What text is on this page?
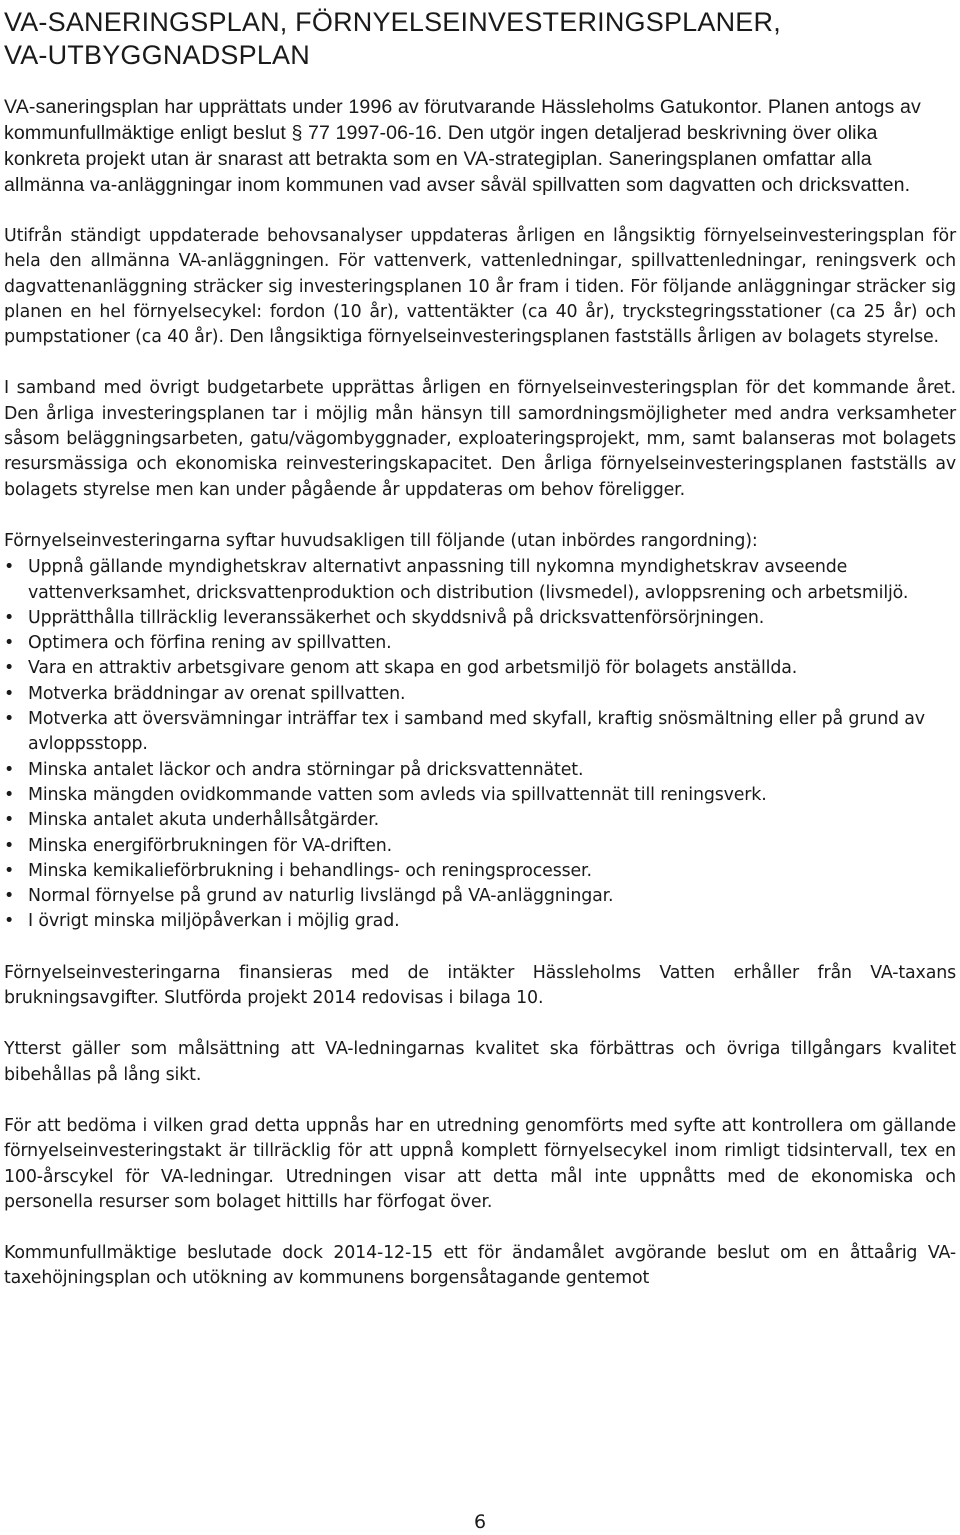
VA-SANERINGSPLAN, FÖRNYELSEINVESTERINGSPLANER,
VA-UTBYGGNADSPLAN

VA-saneringsplan har upprättats under 1996 av förutvarande Hässleholms Gatukontor. Planen antogs av kommunfullmäktige enligt beslut § 77 1997-06-16. Den utgör ingen detaljerad beskrivning över olika konkreta projekt utan är snarast att betrakta som en VA-strategiplan. Saneringsplanen omfattar alla allmänna va-anläggningar inom kommunen vad avser såväl spillvatten som dagvatten och dricksvatten.

Utifrån ständigt uppdaterade behovsanalyser uppdateras årligen en långsiktig förnyelseinvesteringsplan för hela den allmänna VA-anläggningen. För vattenverk, vattenledningar, spillvattenledningar, reningsverk och dagvattenanläggning sträcker sig investeringsplanen 10 år fram i tiden. För följande anläggningar sträcker sig planen en hel förnyelsecykel: fordon (10 år), vattentäkter (ca 40 år), tryckstegringsstationer (ca 25 år) och pumpstationer (ca 40 år). Den långsiktiga förnyelseinvesteringsplanen fastställs årligen av bolagets styrelse.

I samband med övrigt budgetarbete upprättas årligen en förnyelseinvesteringsplan för det kommande året. Den årliga investeringsplanen tar i möjlig mån hänsyn till samordningsmöjligheter med andra verksamheter såsom beläggningsarbeten, gatu/vägombyggnader, exploateringsprojekt, mm, samt balanseras mot bolagets resursmässiga och ekonomiska reinvesteringskapacitet. Den årliga förnyelseinvesteringsplanen fastställs av bolagets styrelse men kan under pågående år uppdateras om behov föreligger.

Förnyelseinvesteringarna syftar huvudsakligen till följande (utan inbördes rangordning):

• Uppnå gällande myndighetskrav alternativt anpassning till nykomna myndighetskrav avseende vattenverksamhet, dricksvattenproduktion och distribution (livsmedel), avloppsrening och arbetsmiljö.
• Upprätthålla tillräcklig leveranssäkerhet och skyddsnivå på dricksvattenförsörjningen.
• Optimera och förfina rening av spillvatten.
• Vara en attraktiv arbetsgivare genom att skapa en god arbetsmiljö för bolagets anställda.
• Motverka bräddningar av orenat spillvatten.
• Motverka att översvämningar inträffar tex i samband med skyfall, kraftig snösmältning eller på grund av avloppsstopp.
• Minska antalet läckor och andra störningar på dricksvattennätet.
• Minska mängden ovidkommande vatten som avleds via spillvattennät till reningsverk.
• Minska antalet akuta underhållsåtgärder.
• Minska energiförbrukningen för VA-driften.
• Minska kemikalieförbrukning i behandlings- och reningsprocesser.
• Normal förnyelse på grund av naturlig livslängd på VA-anläggningar.
• I övrigt minska miljöpåverkan i möjlig grad.

Förnyelseinvesteringarna finansieras med de intäkter Hässleholms Vatten erhåller från VA-taxans brukningsavgifter. Slutförda projekt 2014 redovisas i bilaga 10.

Ytterst gäller som målsättning att VA-ledningarnas kvalitet ska förbättras och övriga tillgångars kvalitet bibehållas på lång sikt.

För att bedöma i vilken grad detta uppnås har en utredning genomförts med syfte att kontrollera om gällande förnyelseinvesteringstakt är tillräcklig för att uppnå komplett förnyelsecykel inom rimligt tidsintervall, tex en 100-årscykel för VA-ledningar. Utredningen visar att detta mål inte uppnåtts med de ekonomiska och personella resurser som bolaget hittills har förfogat över.

Kommunfullmäktige beslutade dock 2014-12-15 ett för ändamålet avgörande beslut om en åttaårig VA-taxehöjningsplan och utökning av kommunens borgensåtagande gentemot

6
